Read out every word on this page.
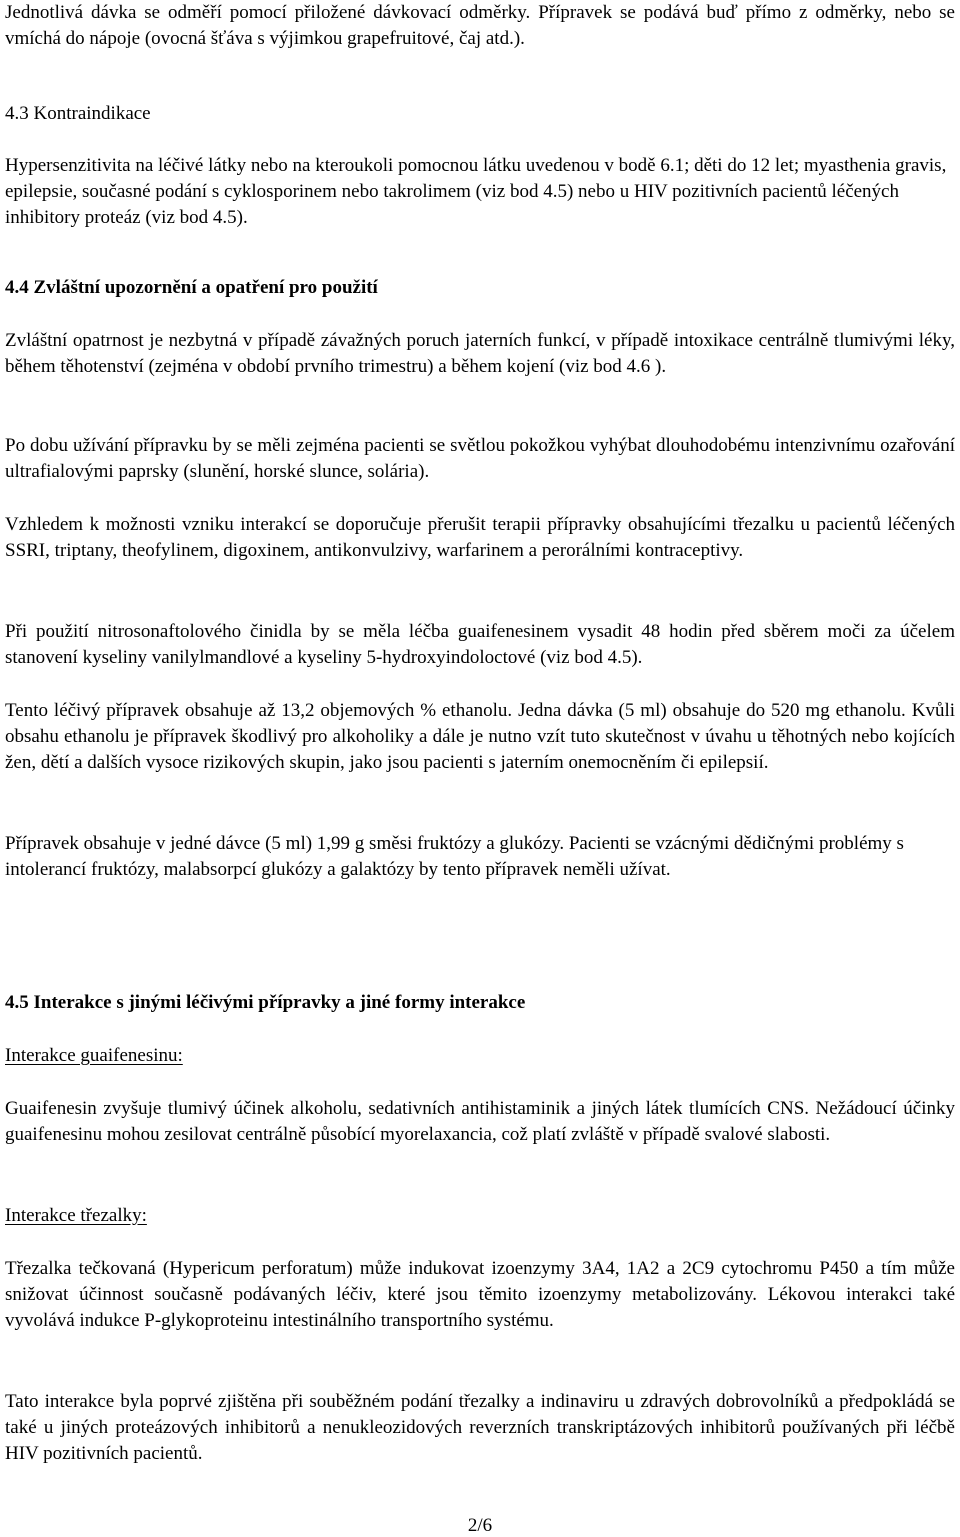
Jednotlivá dávka se odměří pomocí přiložené dávkovací odměrky. Přípravek se podává buď přímo z odměrky, nebo se vmíchá do nápoje (ovocná šťáva s výjimkou grapefruitové, čaj atd.).

4.3 Kontraindikace

Hypersenzitivita na léčivé látky nebo na kteroukoli pomocnou látku uvedenou v bodě 6.1; děti do 12 let; myasthenia gravis, epilepsie, současné podání s cyklosporinem nebo takrolimem (viz bod 4.5) nebo u HIV pozitivních pacientů léčených inhibitory proteáz (viz bod 4.5).

4.4 Zvláštní upozornění a opatření pro použití

Zvláštní opatrnost je nezbytná v případě závažných poruch jaterních funkcí, v případě intoxikace centrálně tlumivými léky, během těhotenství (zejména v období prvního trimestru) a během kojení (viz bod 4.6 ).

Po dobu užívání přípravku by se měli zejména pacienti se světlou pokožkou vyhýbat dlouhodobému intenzivnímu ozařování ultrafialovými paprsky (slunění, horské slunce, solária).

Vzhledem k možnosti vzniku interakcí se doporučuje přerušit terapii přípravky obsahujícími třezalku u pacientů léčených SSRI, triptany, theofylinem, digoxinem, antikonvulzivy, warfarinem a perorálními kontraceptivy.

Při použití nitrosonaftolového činidla by se měla léčba guaifenesinem vysadit 48 hodin před sběrem moči za účelem stanovení kyseliny vanilylmandlové a kyseliny 5-hydroxyindoloctové (viz bod 4.5).

Tento léčivý přípravek obsahuje až 13,2 objemových % ethanolu. Jedna dávka (5 ml) obsahuje do 520 mg ethanolu. Kvůli obsahu ethanolu je přípravek škodlivý pro alkoholiky a dále je nutno vzít tuto skutečnost v úvahu u těhotných nebo kojících žen, dětí a dalších vysoce rizikových skupin, jako jsou pacienti s jaterním onemocněním či epilepsií.

Přípravek obsahuje v jedné dávce (5 ml) 1,99 g směsi fruktózy a glukózy. Pacienti se vzácnými dědičnými problémy s intolerancí fruktózy, malabsorpcí glukózy a galaktózy by tento přípravek neměli užívat.

4.5 Interakce s jinými léčivými přípravky a jiné formy interakce

Interakce guaifenesinu:

Guaifenesin zvyšuje tlumivý účinek alkoholu, sedativních antihistaminik a jiných látek tlumících CNS. Nežádoucí účinky guaifenesinu mohou zesilovat centrálně působící myorelaxancia, což platí zvláště v případě svalové slabosti.

Interakce třezalky:

Třezalka tečkovaná (Hypericum perforatum) může indukovat izoenzymy 3A4, 1A2 a 2C9 cytochromu P450 a tím může snižovat účinnost současně podávaných léčiv, které jsou těmito izoenzymy metabolizovány. Lékovou interakci také vyvolává indukce P-glykoproteinu intestinálního transportního systému.

Tato interakce byla poprvé zjištěna při souběžném podání třezalky a indinaviru u zdravých dobrovolníků a předpokládá se také u jiných proteázových inhibitorů a nenukleozidových reverzních transkriptázových inhibitorů používaných při léčbě HIV pozitivních pacientů.

2/6
